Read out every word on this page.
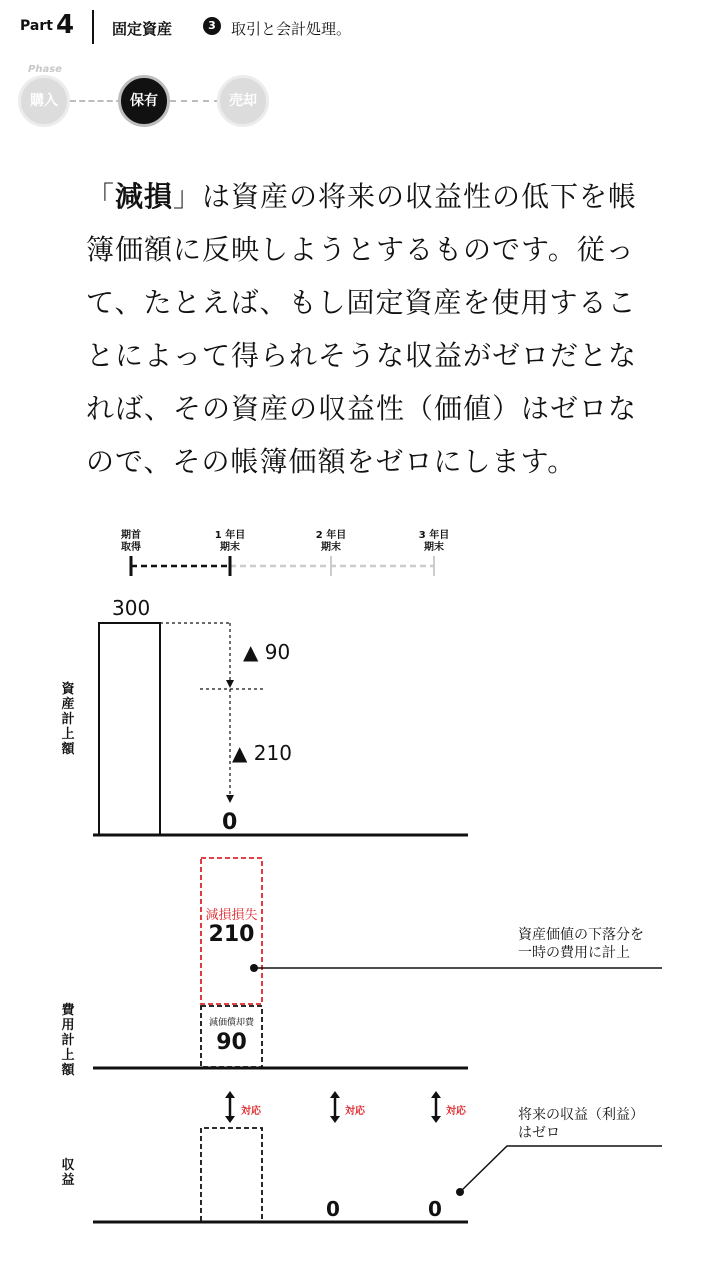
Part 4	固定資産	3	取引と会計処理。
Phase
購入	保有	売却
「減損」は資産の将来の収益性の低下を帳簿価額に反映しようとするものです。従って、たとえば、もし固定資産を使用することによって得られそうな収益がゼロだとなれば、その資産の収益性（価値）はゼロなので、その帳簿価額をゼロにします。
期首
取得
1 年目
期末
2 年目
期末
3 年目
期末
300
▲ 90
▲ 210
0
資産計上額
減損損失
210
減価償却費
90
費用計上額
資産価値の下落分を
一時の費用に計上
対応	対応	対応
0	0
収益
将来の収益（利益）
はゼロ
